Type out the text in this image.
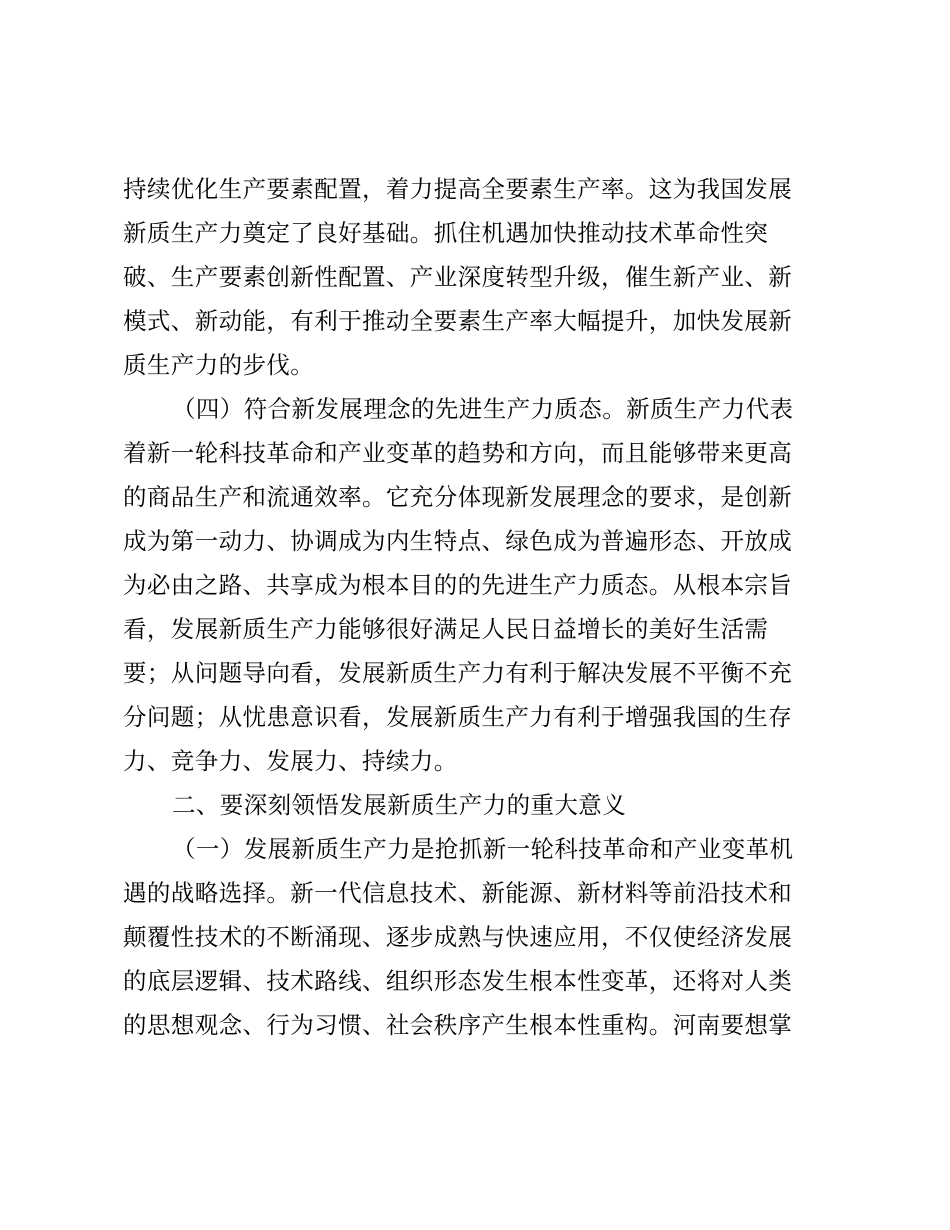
持续优化生产要素配置，着力提高全要素生产率。这为我国发展
新质生产力奠定了良好基础。抓住机遇加快推动技术革命性突
破、生产要素创新性配置、产业深度转型升级，催生新产业、新
模式、新动能，有利于推动全要素生产率大幅提升，加快发展新
质生产力的步伐。
（四）符合新发展理念的先进生产力质态。新质生产力代表
着新一轮科技革命和产业变革的趋势和方向，而且能够带来更高
的商品生产和流通效率。它充分体现新发展理念的要求，是创新
成为第一动力、协调成为内生特点、绿色成为普遍形态、开放成
为必由之路、共享成为根本目的的先进生产力质态。从根本宗旨
看，发展新质生产力能够很好满足人民日益增长的美好生活需
要；从问题导向看，发展新质生产力有利于解决发展不平衡不充
分问题；从忧患意识看，发展新质生产力有利于增强我国的生存
力、竞争力、发展力、持续力。
二、要深刻领悟发展新质生产力的重大意义
（一）发展新质生产力是抢抓新一轮科技革命和产业变革机
遇的战略选择。新一代信息技术、新能源、新材料等前沿技术和
颠覆性技术的不断涌现、逐步成熟与快速应用，不仅使经济发展
的底层逻辑、技术路线、组织形态发生根本性变革，还将对人类
的思想观念、行为习惯、社会秩序产生根本性重构。河南要想掌
